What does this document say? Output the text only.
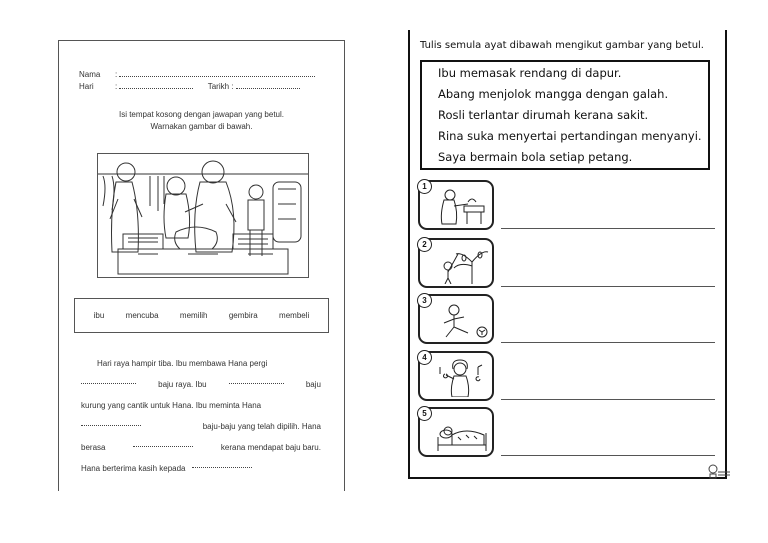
Nama :
Hari	:	Tarikh :
Isi tempat kosong dengan jawapan yang betul.
Warnakan gambar di bawah.
ibu	mencuba	memilih	gembira	membeli
Hari raya hampir tiba. Ibu membawa Hana pergi
baju raya. Ibu	baju
kurung yang cantik untuk Hana. Ibu meminta Hana
baju-baju yang telah dipilih. Hana
berasa	kerana mendapat baju baru.
Hana berterima kasih kepada
Tulis semula ayat dibawah mengikut gambar yang betul.
Ibu memasak rendang di dapur.
Abang menjolok mangga dengan galah.
Rosli terlantar dirumah kerana sakit.
Rina suka menyertai pertandingan menyanyi.
Saya bermain bola setiap petang.
1
2
3
4
5
